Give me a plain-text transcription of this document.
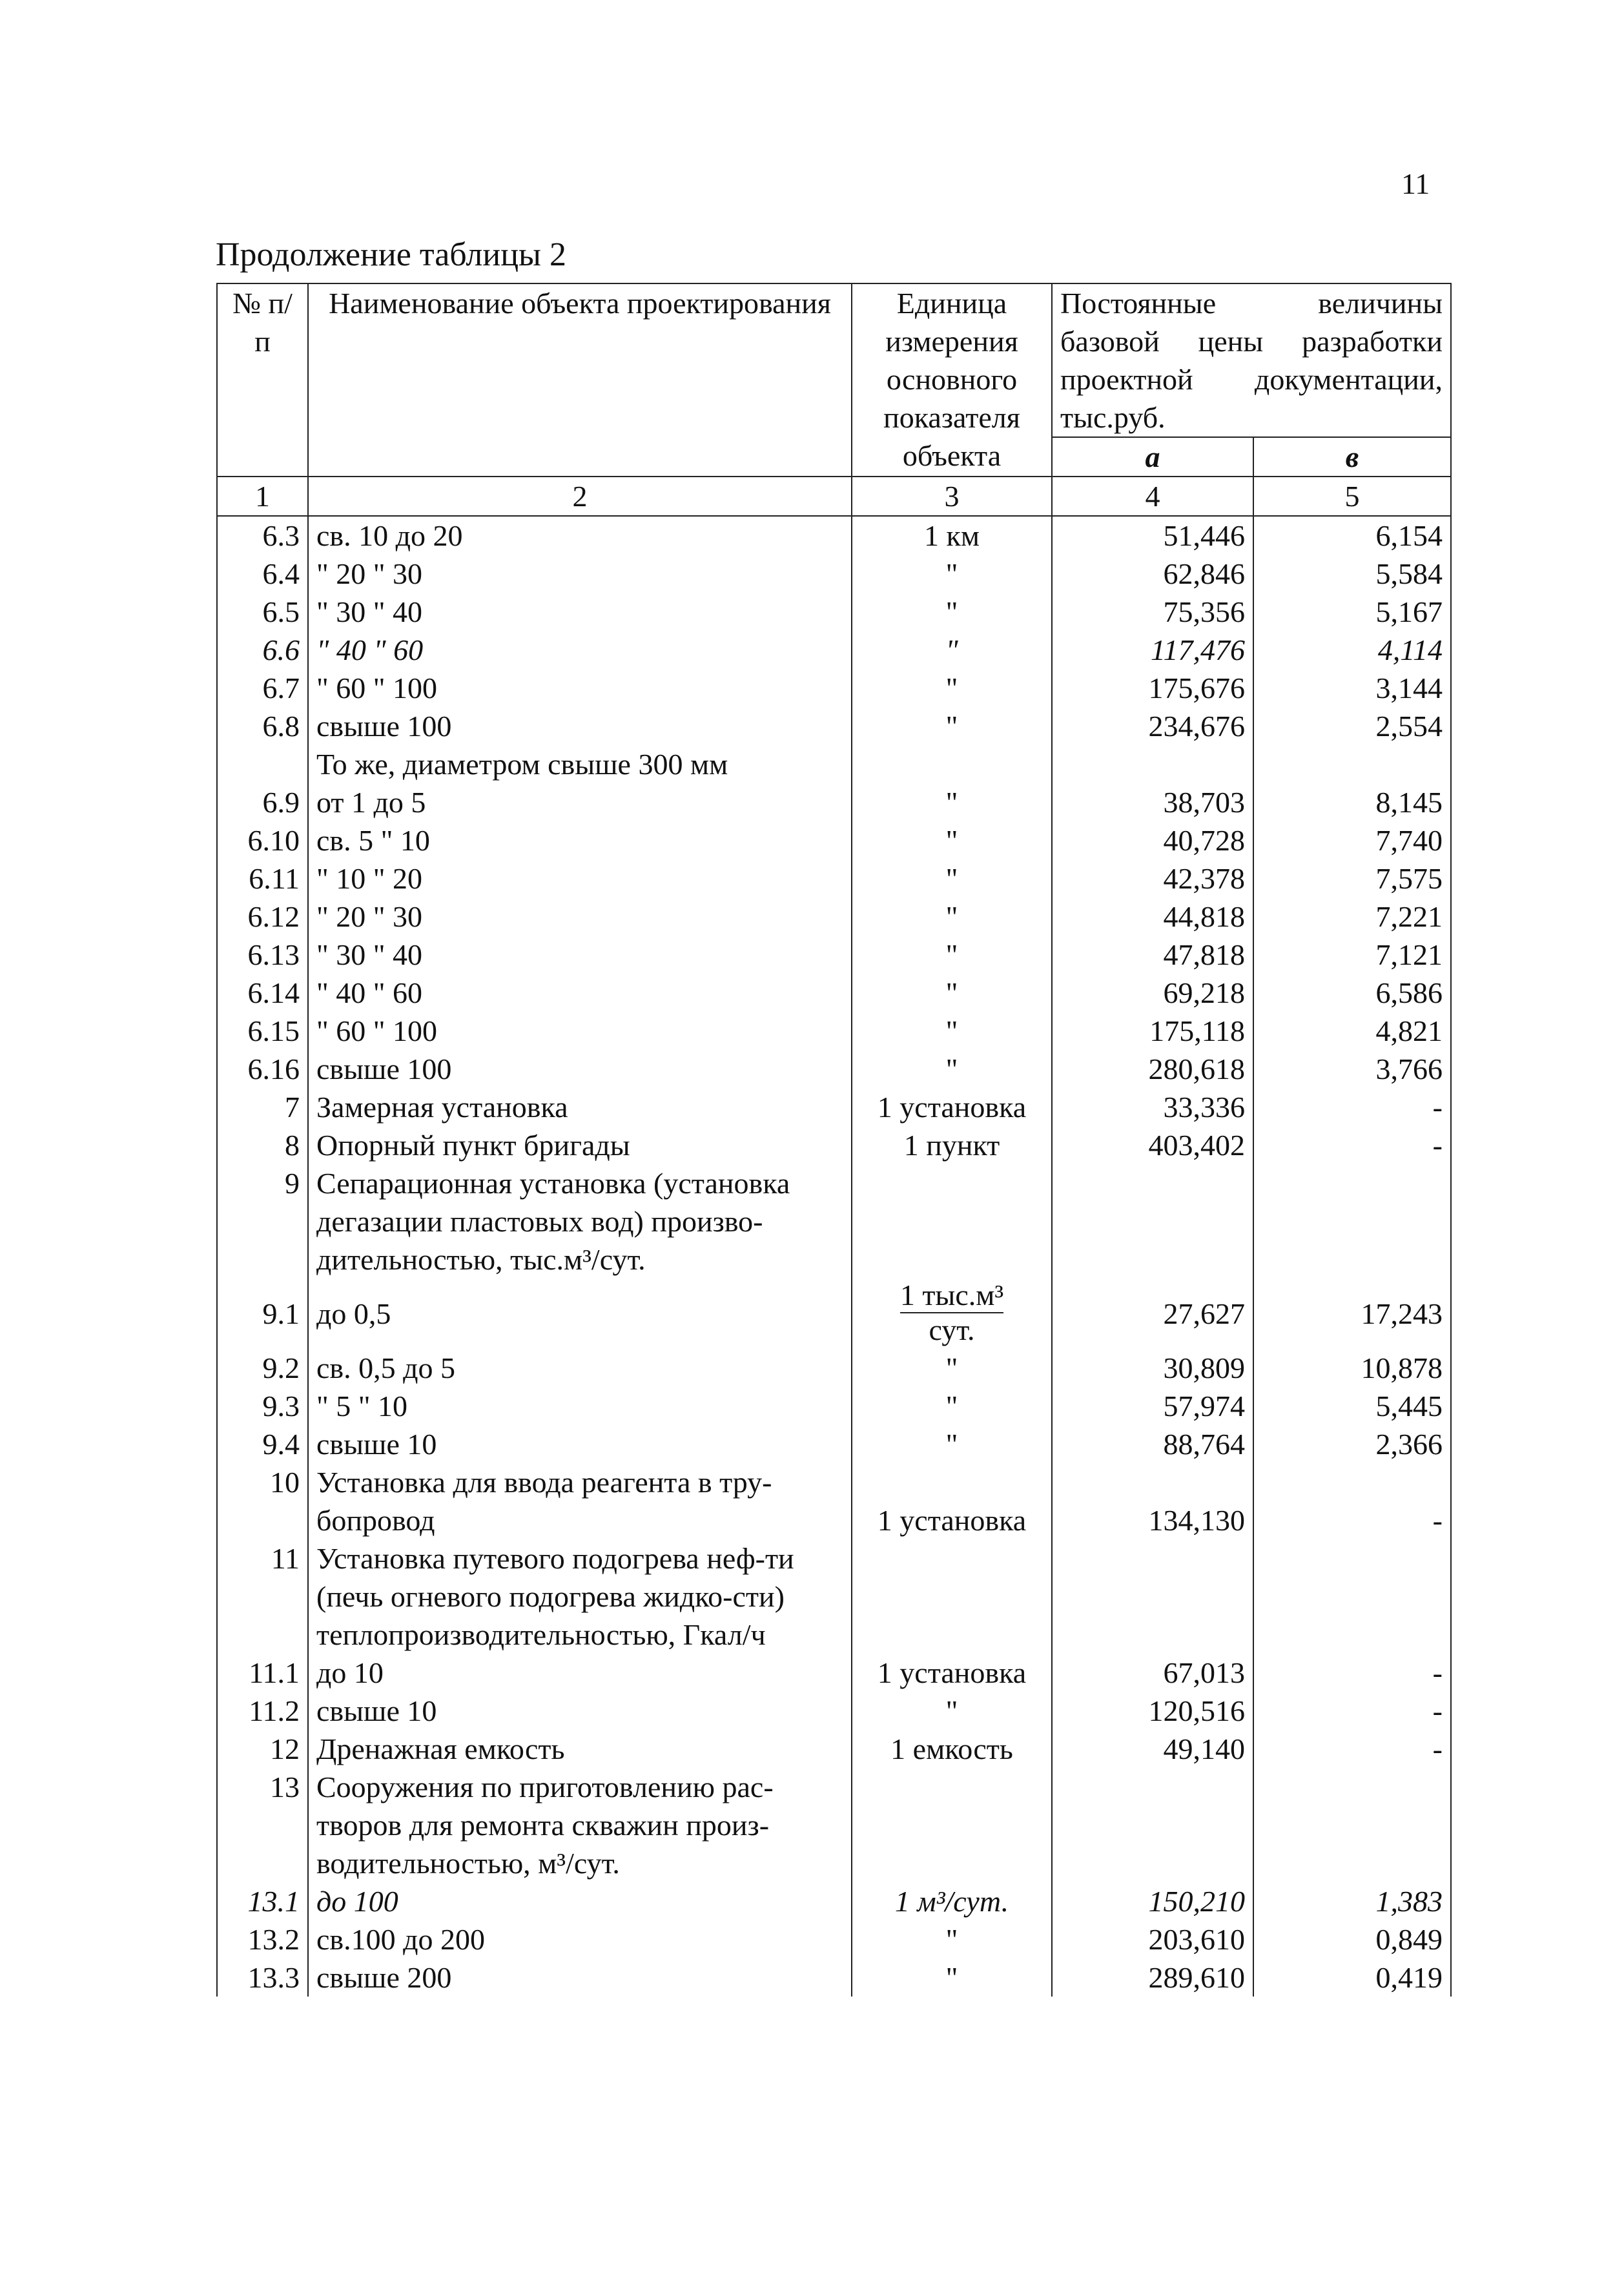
11
Продолжение таблицы 2
№ п/п	Наименование объекта проектирования	Единица измерения основного показателя объекта	Постоянные величины базовой цены разработки проектной документации, тыс.руб.	
			а	в
1	2	3	4	5
6.3	св. 10 до 20	1 км	51,446	6,154
6.4	" 20 " 30	"	62,846	5,584
6.5	" 30 " 40	"	75,356	5,167
6.6	" 40 " 60	"	117,476	4,114
6.7	" 60 " 100	"	175,676	3,144
6.8	свыше 100	"	234,676	2,554
	То же, диаметром свыше 300 мм			
6.9	от 1 до 5	"	38,703	8,145
6.10	св. 5 " 10	"	40,728	7,740
6.11	" 10 " 20	"	42,378	7,575
6.12	" 20 " 30	"	44,818	7,221
6.13	" 30 " 40	"	47,818	7,121
6.14	" 40 " 60	"	69,218	6,586
6.15	" 60 " 100	"	175,118	4,821
6.16	свыше 100	"	280,618	3,766
7	Замерная установка	1 установка	33,336	-
8	Опорный пункт бригады	1 пункт	403,402	-
9	Сепарационная установка (установка дегазации пластовых вод) произво-дительностью, тыс.м³/сут.			
9.1	до 0,5	$\frac{\text{1 тыс.м³}}{\text{сут.}}$	27,627	17,243
9.2	св. 0,5 до 5	"	30,809	10,878
9.3	" 5 " 10	"	57,974	5,445
9.4	свыше 10	"	88,764	2,366
10	Установка для ввода реагента в тру-бопровод	1 установка	134,130	-
11	Установка путевого подогрева неф-ти (печь огневого подогрева жидко-сти) теплопроизводительностью, Гкал/ч			
11.1	до 10	1 установка	67,013	-
11.2	свыше 10	"	120,516	-
12	Дренажная емкость	1 емкость	49,140	-
13	Сооружения по приготовлению рас-творов для ремонта скважин произ-водительностью, м³/сут.			
13.1	до 100	1 м³/сут.	150,210	1,383
13.2	св.100 до 200	"	203,610	0,849
13.3	свыше 200	"	289,610	0,419
